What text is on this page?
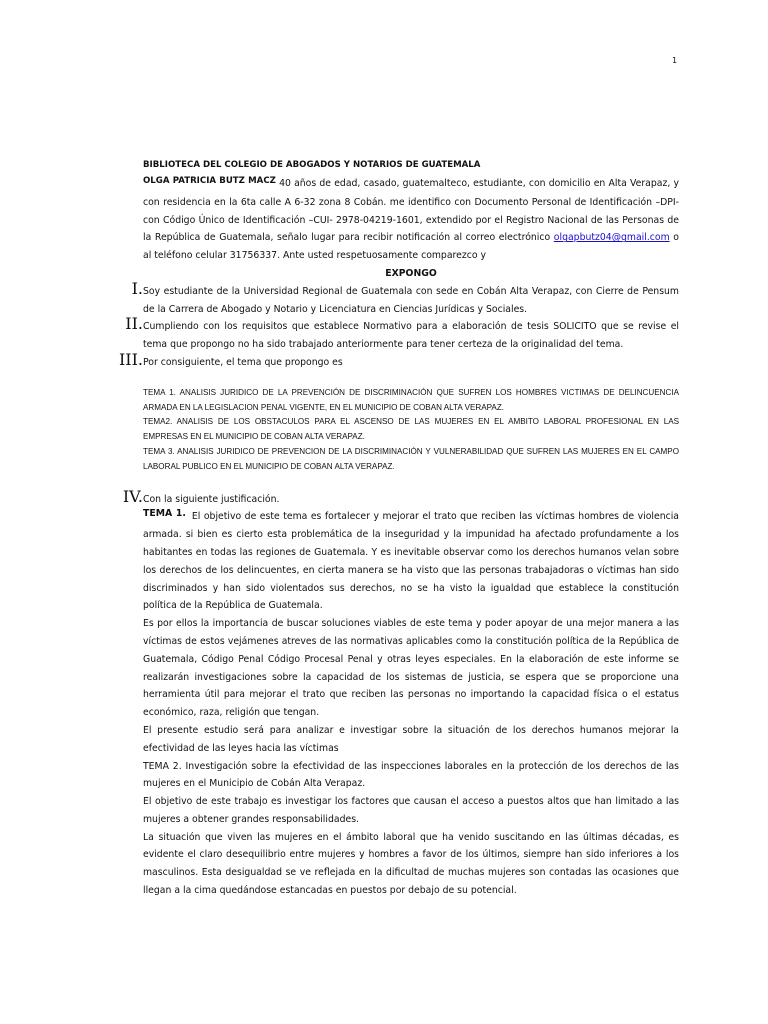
1

BIBLIOTECA DEL COLEGIO DE ABOGADOS Y NOTARIOS DE GUATEMALA

OLGA PATRICIA BUTZ MACZ 40 años de edad, casado, guatemalteco, estudiante, con domicilio en Alta Verapaz, y con residencia en la 6ta calle A 6-32 zona 8 Cobán. me identifico con Documento Personal de Identificación –DPI- con Código Único de Identificación –CUI- 2978-04219-1601, extendido por el Registro Nacional de las Personas de la República de Guatemala, señalo lugar para recibir notificación al correo electrónico olgapbutz04@gmail.com o al teléfono celular 31756337. Ante usted respetuosamente comparezco y

EXPONGO
I. Soy estudiante de la Universidad Regional de Guatemala con sede en Cobán Alta Verapaz, con Cierre de Pensum de la Carrera de Abogado y Notario y Licenciatura en Ciencias Jurídicas y Sociales.

II. Cumpliendo con los requisitos que establece Normativo para a elaboración de tesis SOLICITO que se revise el tema que propongo no ha sido trabajado anteriormente para tener certeza de la originalidad del tema.

III. Por consiguiente, el tema que propongo es

TEMA 1. ANALISIS JURIDICO DE LA PREVENCIÓN DE DISCRIMINACIÓN QUE SUFREN LOS HOMBRES VICTIMAS DE DELINCUENCIA ARMADA EN LA LEGISLACION PENAL VIGENTE, EN EL MUNICIPIO DE COBAN ALTA VERAPAZ.

TEMA2. ANALISIS DE LOS OBSTACULOS PARA EL ASCENSO DE LAS MUJERES EN EL AMBITO LABORAL PROFESIONAL EN LAS EMPRESAS EN EL MUNICIPIO DE COBAN ALTA VERAPAZ.

TEMA 3. ANALISIS JURIDICO DE PREVENCION DE LA DISCRIMINACIÓN Y VULNERABILIDAD QUE SUFREN LAS MUJERES EN EL CAMPO LABORAL PUBLICO EN EL MUNICIPIO DE COBAN ALTA VERAPAZ.

IV. Con la siguiente justificación.

TEMA 1. El objetivo de este tema es fortalecer y mejorar el trato que reciben las víctimas hombres de violencia armada. si bien es cierto esta problemática de la inseguridad y la impunidad ha afectado profundamente a los habitantes en todas las regiones de Guatemala. Y es inevitable observar como los derechos humanos velan sobre los derechos de los delincuentes, en cierta manera se ha visto que las personas trabajadoras o víctimas han sido discriminados y han sido violentados sus derechos, no se ha visto la igualdad que establece la constitución política de la República de Guatemala.

Es por ellos la importancia de buscar soluciones viables de este tema y poder apoyar de una mejor manera a las víctimas de estos vejámenes atreves de las normativas aplicables como la constitución política de la República de Guatemala, Código Penal Código Procesal Penal y otras leyes especiales. En la elaboración de este informe se realizarán investigaciones sobre la capacidad de los sistemas de justicia, se espera que se proporcione una herramienta útil para mejorar el trato que reciben las personas no importando la capacidad física o el estatus económico, raza, religión que tengan.

El presente estudio será para analizar e investigar sobre la situación de los derechos humanos mejorar la efectividad de las leyes hacia las víctimas

TEMA 2. Investigación sobre la efectividad de las inspecciones laborales en la protección de los derechos de las mujeres en el Municipio de Cobán Alta Verapaz.

El objetivo de este trabajo es investigar los factores que causan el acceso a puestos altos que han limitado a las mujeres a obtener grandes responsabilidades.

La situación que viven las mujeres en el ámbito laboral que ha venido suscitando en las últimas décadas, es evidente el claro desequilibrio entre mujeres y hombres a favor de los últimos, siempre han sido inferiores a los masculinos. Esta desigualdad se ve reflejada en la dificultad de muchas mujeres son contadas las ocasiones que llegan a la cima quedándose estancadas en puestos por debajo de su potencial.
